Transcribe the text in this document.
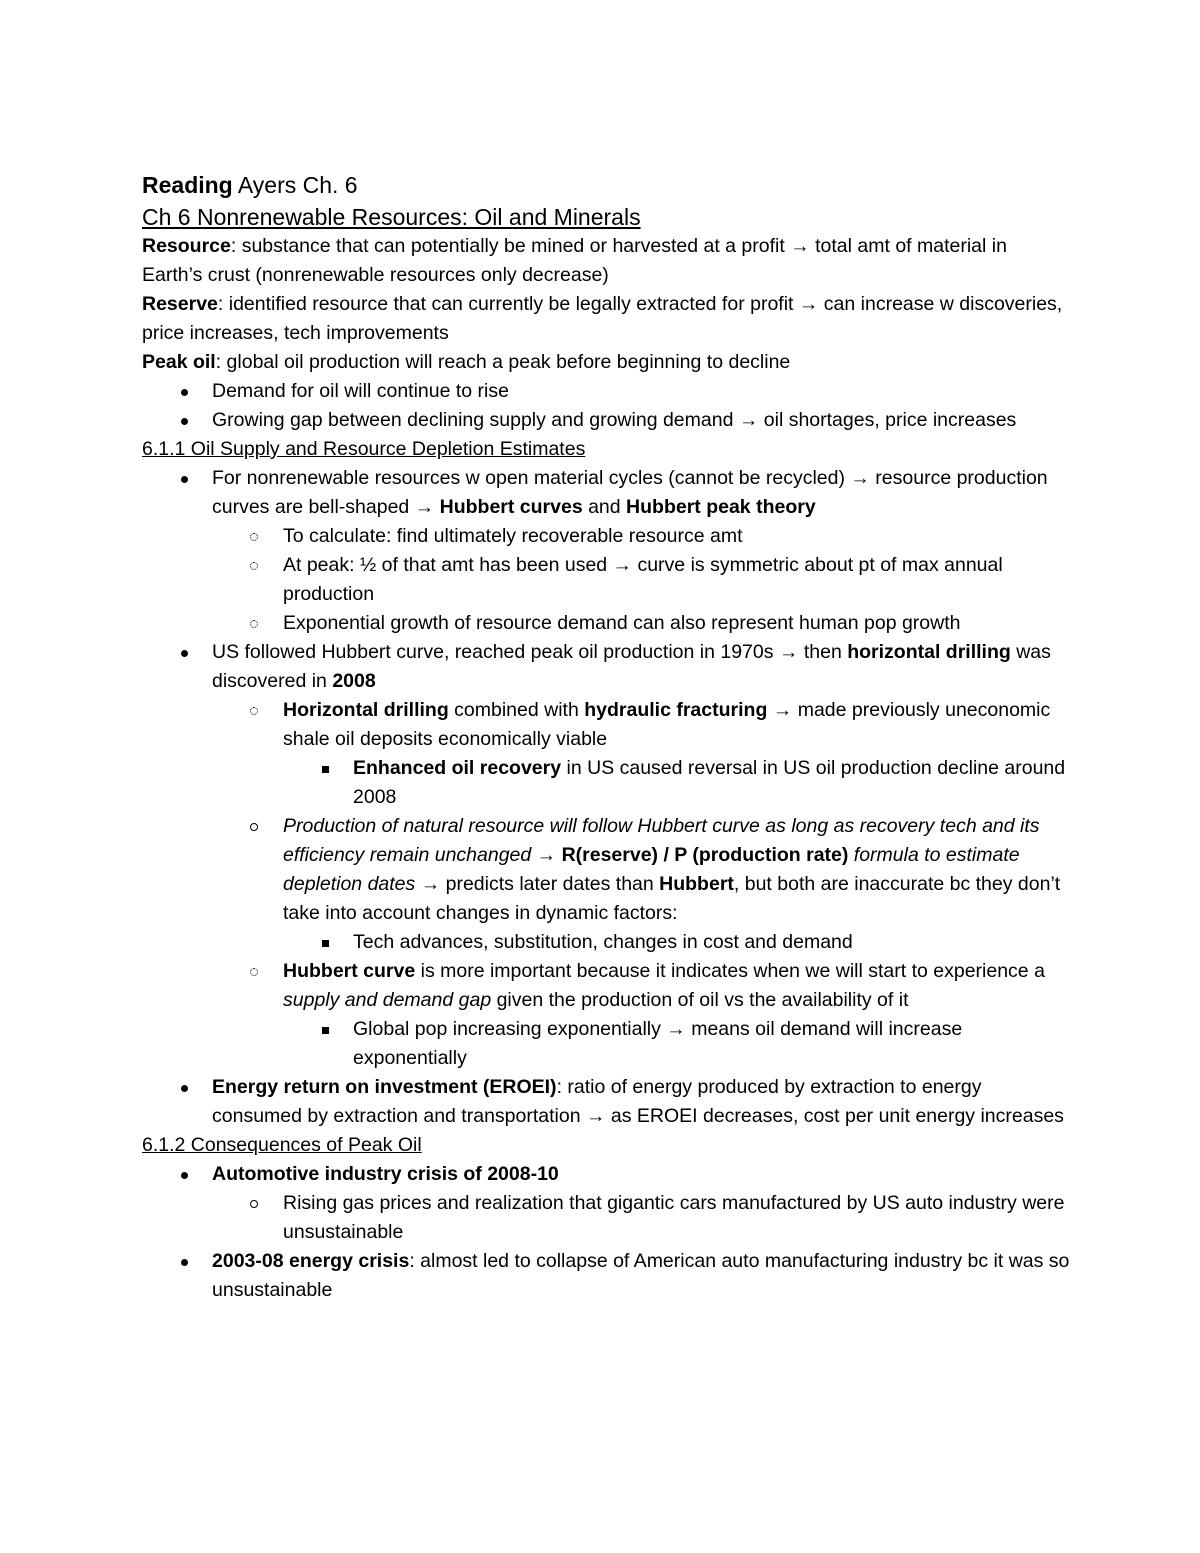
Reading Ayers Ch. 6

Ch 6 Nonrenewable Resources: Oil and Minerals

Resource: substance that can potentially be mined or harvested at a profit → total amt of material in Earth’s crust (nonrenewable resources only decrease)

Reserve: identified resource that can currently be legally extracted for profit → can increase w discoveries, price increases, tech improvements

Peak oil: global oil production will reach a peak before beginning to decline

Demand for oil will continue to rise
Growing gap between declining supply and growing demand → oil shortages, price increases

6.1.1 Oil Supply and Resource Depletion Estimates

For nonrenewable resources w open material cycles (cannot be recycled) → resource production curves are bell-shaped → Hubbert curves and Hubbert peak theory
To calculate: find ultimately recoverable resource amt
At peak: ½ of that amt has been used → curve is symmetric about pt of max annual production
Exponential growth of resource demand can also represent human pop growth
US followed Hubbert curve, reached peak oil production in 1970s → then horizontal drilling was discovered in 2008
Horizontal drilling combined with hydraulic fracturing → made previously uneconomic shale oil deposits economically viable
Enhanced oil recovery in US caused reversal in US oil production decline around 2008
Production of natural resource will follow Hubbert curve as long as recovery tech and its efficiency remain unchanged → R(reserve) / P (production rate) formula to estimate depletion dates → predicts later dates than Hubbert, but both are inaccurate bc they don’t take into account changes in dynamic factors:
Tech advances, substitution, changes in cost and demand
Hubbert curve is more important because it indicates when we will start to experience a supply and demand gap given the production of oil vs the availability of it
Global pop increasing exponentially → means oil demand will increase exponentially
Energy return on investment (EROEI): ratio of energy produced by extraction to energy consumed by extraction and transportation → as EROEI decreases, cost per unit energy increases

6.1.2 Consequences of Peak Oil

Automotive industry crisis of 2008-10
Rising gas prices and realization that gigantic cars manufactured by US auto industry were unsustainable
2003-08 energy crisis: almost led to collapse of American auto manufacturing industry bc it was so unsustainable
